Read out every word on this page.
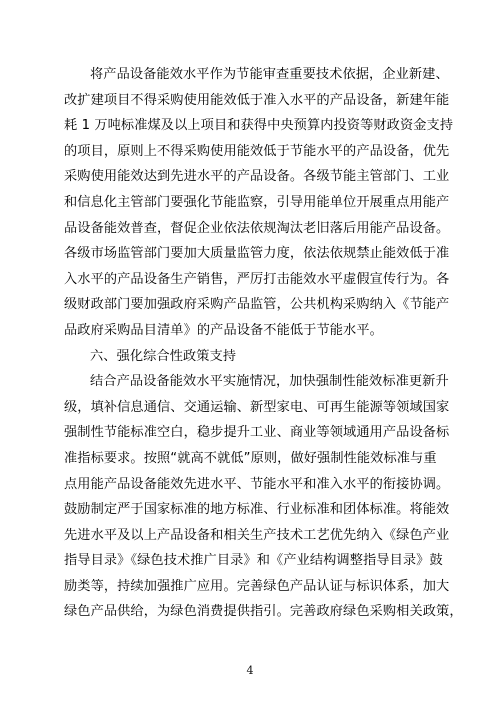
将产品设备能效水平作为节能审查重要技术依据，企业新建、
改扩建项目不得采购使用能效低于准入水平的产品设备，新建年能
耗 1 万吨标准煤及以上项目和获得中央预算内投资等财政资金支持
的项目，原则上不得采购使用能效低于节能水平的产品设备，优先
采购使用能效达到先进水平的产品设备。各级节能主管部门、工业
和信息化主管部门要强化节能监察，引导用能单位开展重点用能产
品设备能效普查，督促企业依法依规淘汰老旧落后用能产品设备。
各级市场监管部门要加大质量监管力度，依法依规禁止能效低于准
入水平的产品设备生产销售，严厉打击能效水平虚假宣传行为。各
级财政部门要加强政府采购产品监管，公共机构采购纳入《节能产
品政府采购品目清单》的产品设备不能低于节能水平。
六、强化综合性政策支持
结合产品设备能效水平实施情况，加快强制性能效标准更新升
级，填补信息通信、交通运输、新型家电、可再生能源等领域国家
强制性节能标准空白，稳步提升工业、商业等领域通用产品设备标
准指标要求。按照“就高不就低”原则，做好强制性能效标准与重
点用能产品设备能效先进水平、节能水平和准入水平的衔接协调。
鼓励制定严于国家标准的地方标准、行业标准和团体标准。将能效
先进水平及以上产品设备和相关生产技术工艺优先纳入《绿色产业
指导目录》《绿色技术推广目录》和《产业结构调整指导目录》鼓
励类等，持续加强推广应用。完善绿色产品认证与标识体系，加大
绿色产品供给，为绿色消费提供指引。完善政府绿色采购相关政策，
4
